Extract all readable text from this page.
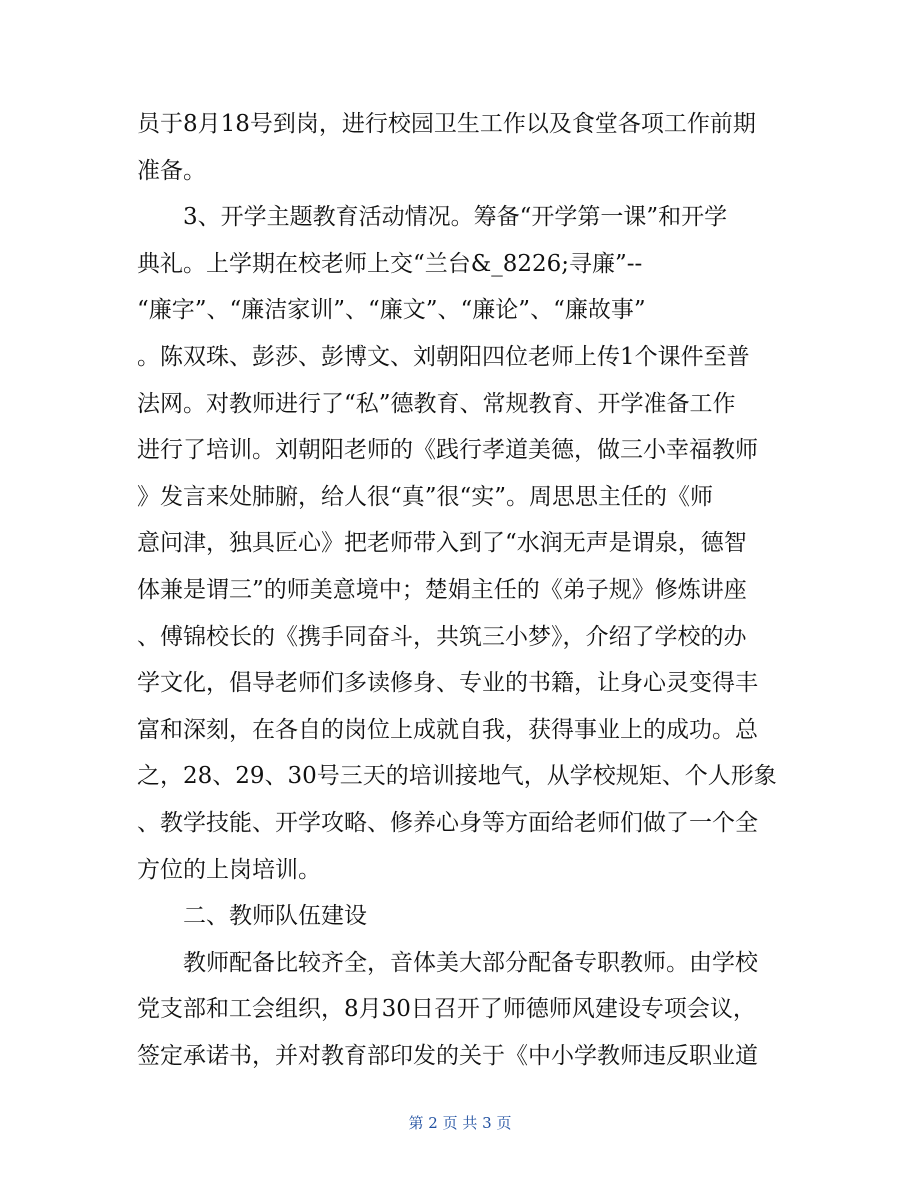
员于8月18号到岗，进行校园卫生工作以及食堂各项工作前期
准备。
　　3、开学主题教育活动情况。筹备“开学第一课”和开学
典礼。上学期在校老师上交“兰台&_8226;寻廉”--
“廉字”、“廉洁家训”、“廉文”、“廉论”、“廉故事”
。陈双珠、彭莎、彭博文、刘朝阳四位老师上传1个课件至普
法网。对教师进行了“私”德教育、常规教育、开学准备工作
进行了培训。刘朝阳老师的《践行孝道美德，做三小幸福教师
》发言来处肺腑，给人很“真”很“实”。周思思主任的《师
意问津，独具匠心》把老师带入到了“水润无声是谓泉，德智
体兼是谓三”的师美意境中；楚娟主任的《弟子规》修炼讲座
、傅锦校长的《携手同奋斗，共筑三小梦》，介绍了学校的办
学文化，倡导老师们多读修身、专业的书籍，让身心灵变得丰
富和深刻，在各自的岗位上成就自我，获得事业上的成功。总
之，28、29、30号三天的培训接地气，从学校规矩、个人形象
、教学技能、开学攻略、修养心身等方面给老师们做了一个全
方位的上岗培训。
　　二、教师队伍建设
　　教师配备比较齐全，音体美大部分配备专职教师。由学校
党支部和工会组织，8月30日召开了师德师风建设专项会议，
签定承诺书，并对教育部印发的关于《中小学教师违反职业道
第 2 页 共 3 页
